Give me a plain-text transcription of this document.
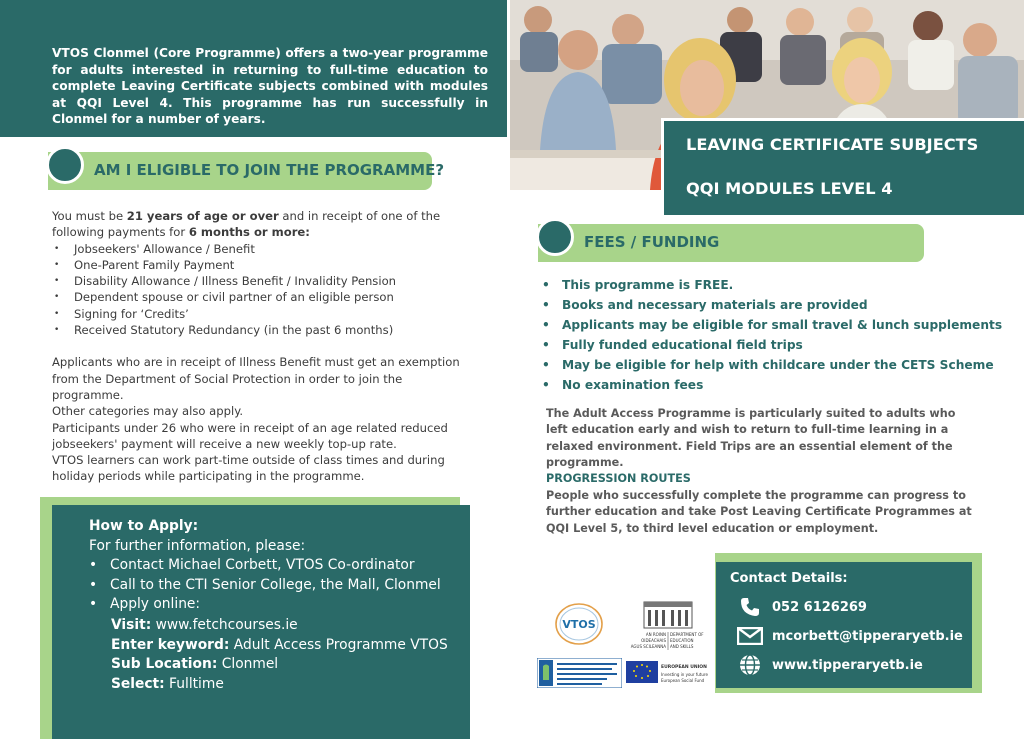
VTOS Clonmel (Core Programme) offers a two-year programme for adults interested in returning to full-time education to complete Leaving Certificate subjects combined with modules at QQI Level 4. This programme has run successfully in Clonmel for a number of years.

LEAVING CERTIFICATE SUBJECTS
QQI MODULES LEVEL 4
AM I ELIGIBLE TO JOIN THE PROGRAMME?

You must be 21 years of age or over and in receipt of one of the following payments for 6 months or more:

• Jobseekers' Allowance / Benefit
• One-Parent Family Payment
• Disability Allowance / Illness Benefit / Invalidity Pension
• Dependent spouse or civil partner of an eligible person
• Signing for ‘Credits’
• Received Statutory Redundancy (in the past 6 months)

Applicants who are in receipt of Illness Benefit must get an exemption from the Department of Social Protection in order to join the programme.

Other categories may also apply.

Participants under 26 who were in receipt of an age related reduced jobseekers' payment will receive a new weekly top-up rate.

VTOS learners can work part-time outside of class times and during holiday periods while participating in the programme.

How to Apply:
For further information, please:
• Contact Michael Corbett, VTOS Co-ordinator
• Call to the CTI Senior College, the Mall, Clonmel
• Apply online:
Visit: www.fetchcourses.ie
Enter keyword: Adult Access Programme VTOS
Sub Location: Clonmel
Select: Fulltime
FEES / FUNDING
• This programme is FREE.
• Books and necessary materials are provided
• Applicants may be eligible for small travel & lunch supplements
• Fully funded educational field trips
• May be eligible for help with childcare under the CETS Scheme
• No examination fees

The Adult Access Programme is particularly suited to adults who left education early and wish to return to full-time learning in a relaxed environment. Field Trips are an essential element of the programme.

PROGRESSION ROUTES

People who successfully complete the programme can progress to further education and take Post Leaving Certificate Programmes at QQI Level 5, to third level education or employment.

Contact Details:
052 6126269
mcorbett@tipperaryetb.ie
www.tipperaryetb.ie
VTOS
AN ROINN
OIDEACHAIS
AGUS SCILEANNA
DEPARTMENT OF
EDUCATION
AND SKILLS
EUROPEAN UNION
Investing in your future
European Social Fund
